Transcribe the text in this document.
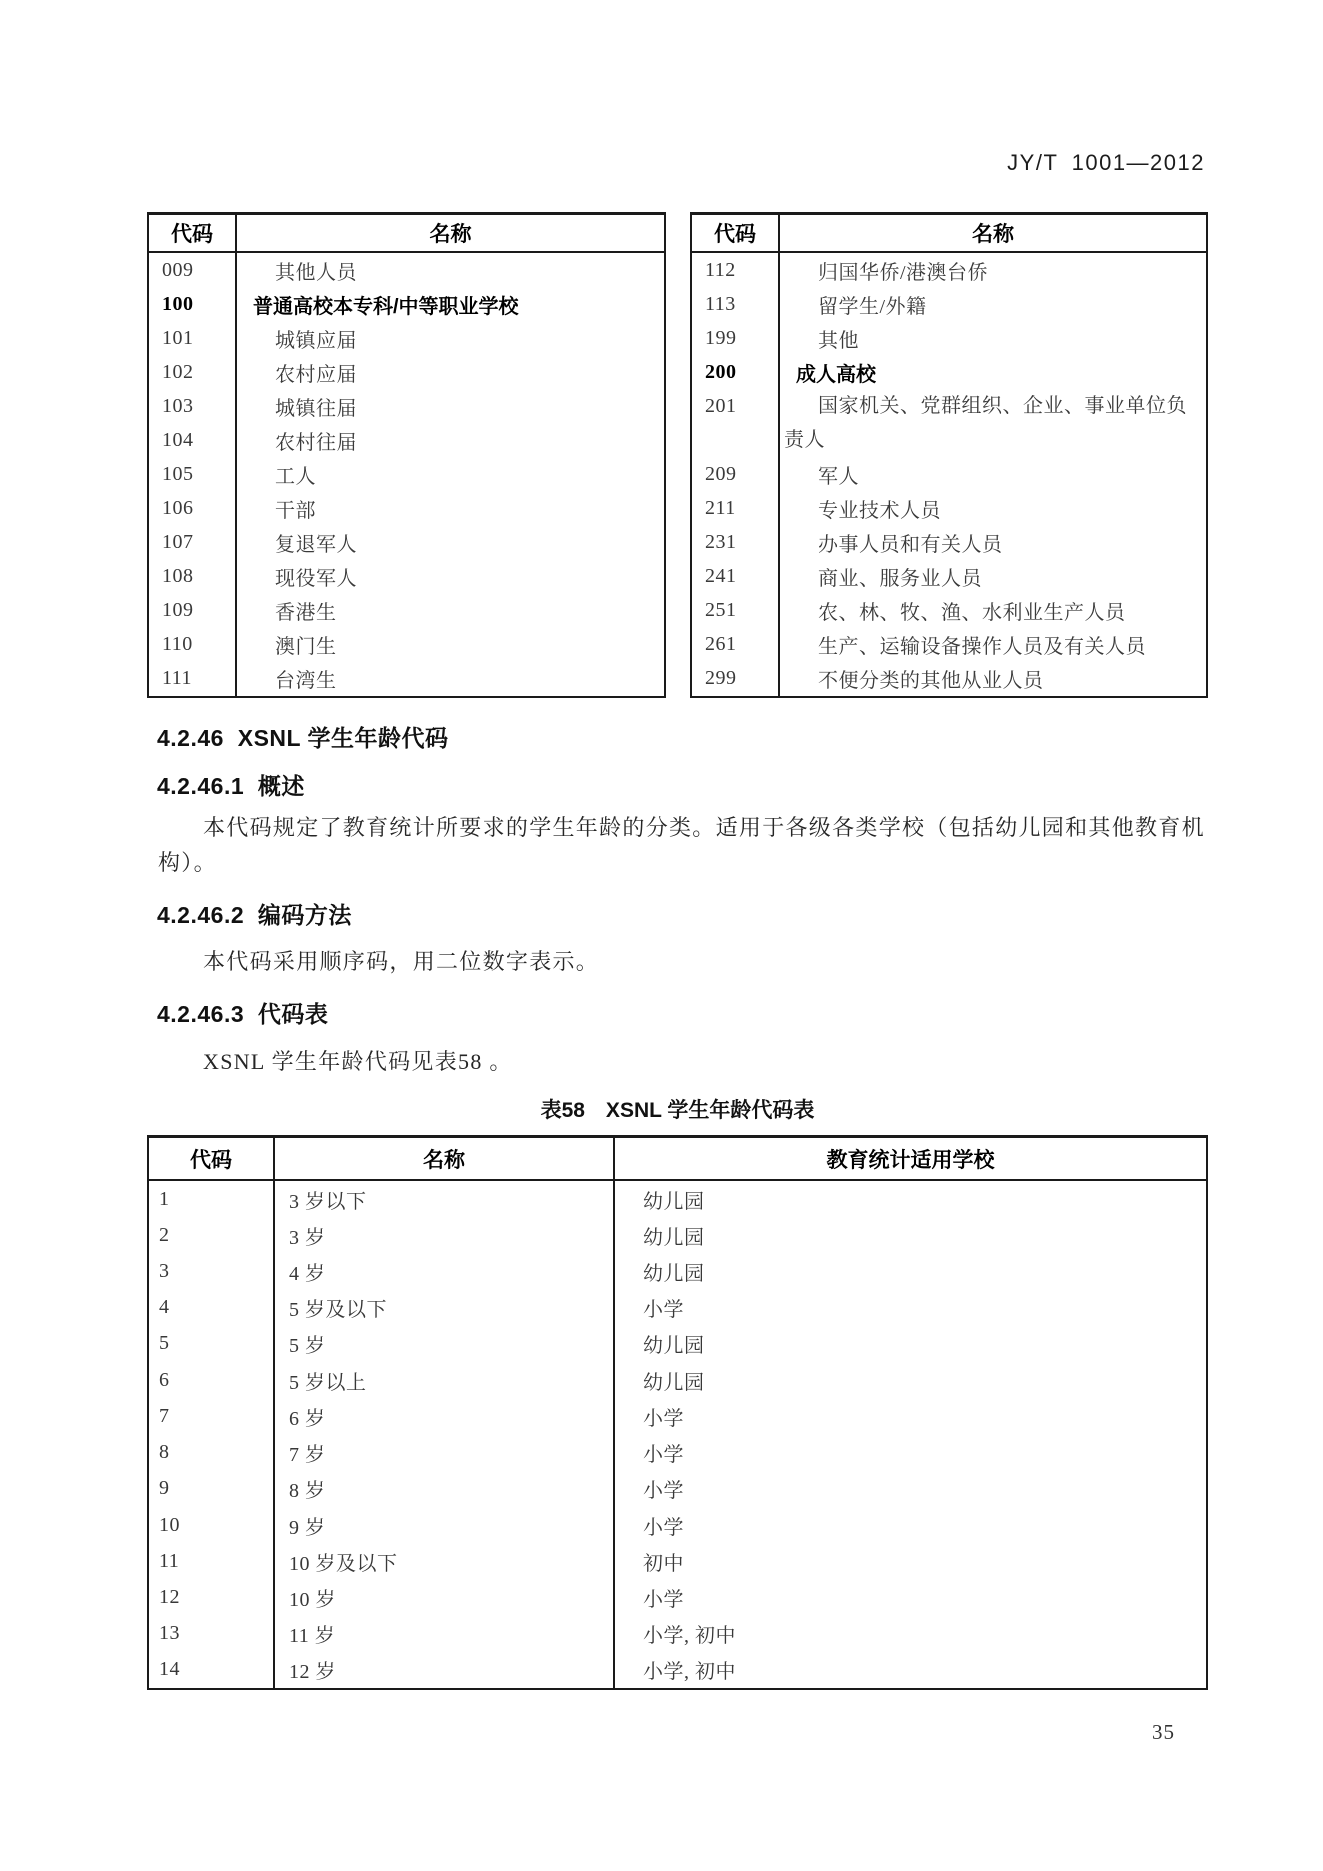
JY/T 1001—2012
代码	名称
009	其他人员
100	普通高校本专科/中等职业学校
101	城镇应届
102	农村应届
103	城镇往届
104	农村往届
105	工人
106	干部
107	复退军人
108	现役军人
109	香港生
110	澳门生
111	台湾生
代码	名称
112	归国华侨/港澳台侨
113	留学生/外籍
199	其他
200	成人高校
201	国家机关、党群组织、企业、事业单位负责人
209	军人
211	专业技术人员
231	办事人员和有关人员
241	商业、服务业人员
251	农、林、牧、渔、水利业生产人员
261	生产、运输设备操作人员及有关人员
299	不便分类的其他从业人员
4.2.46  XSNL 学生年龄代码
4.2.46.1  概述
本代码规定了教育统计所要求的学生年龄的分类。适用于各级各类学校（包括幼儿园和其他教育机构）。
4.2.46.2  编码方法
本代码采用顺序码，用二位数字表示。
4.2.46.3  代码表
XSNL 学生年龄代码见表58 。
表58　XSNL 学生年龄代码表
代码	名称	教育统计适用学校
1	3 岁以下	幼儿园
2	3 岁	幼儿园
3	4 岁	幼儿园
4	5 岁及以下	小学
5	5 岁	幼儿园
6	5 岁以上	幼儿园
7	6 岁	小学
8	7 岁	小学
9	8 岁	小学
10	9 岁	小学
11	10 岁及以下	初中
12	10 岁	小学
13	11 岁	小学, 初中
14	12 岁	小学, 初中
35
